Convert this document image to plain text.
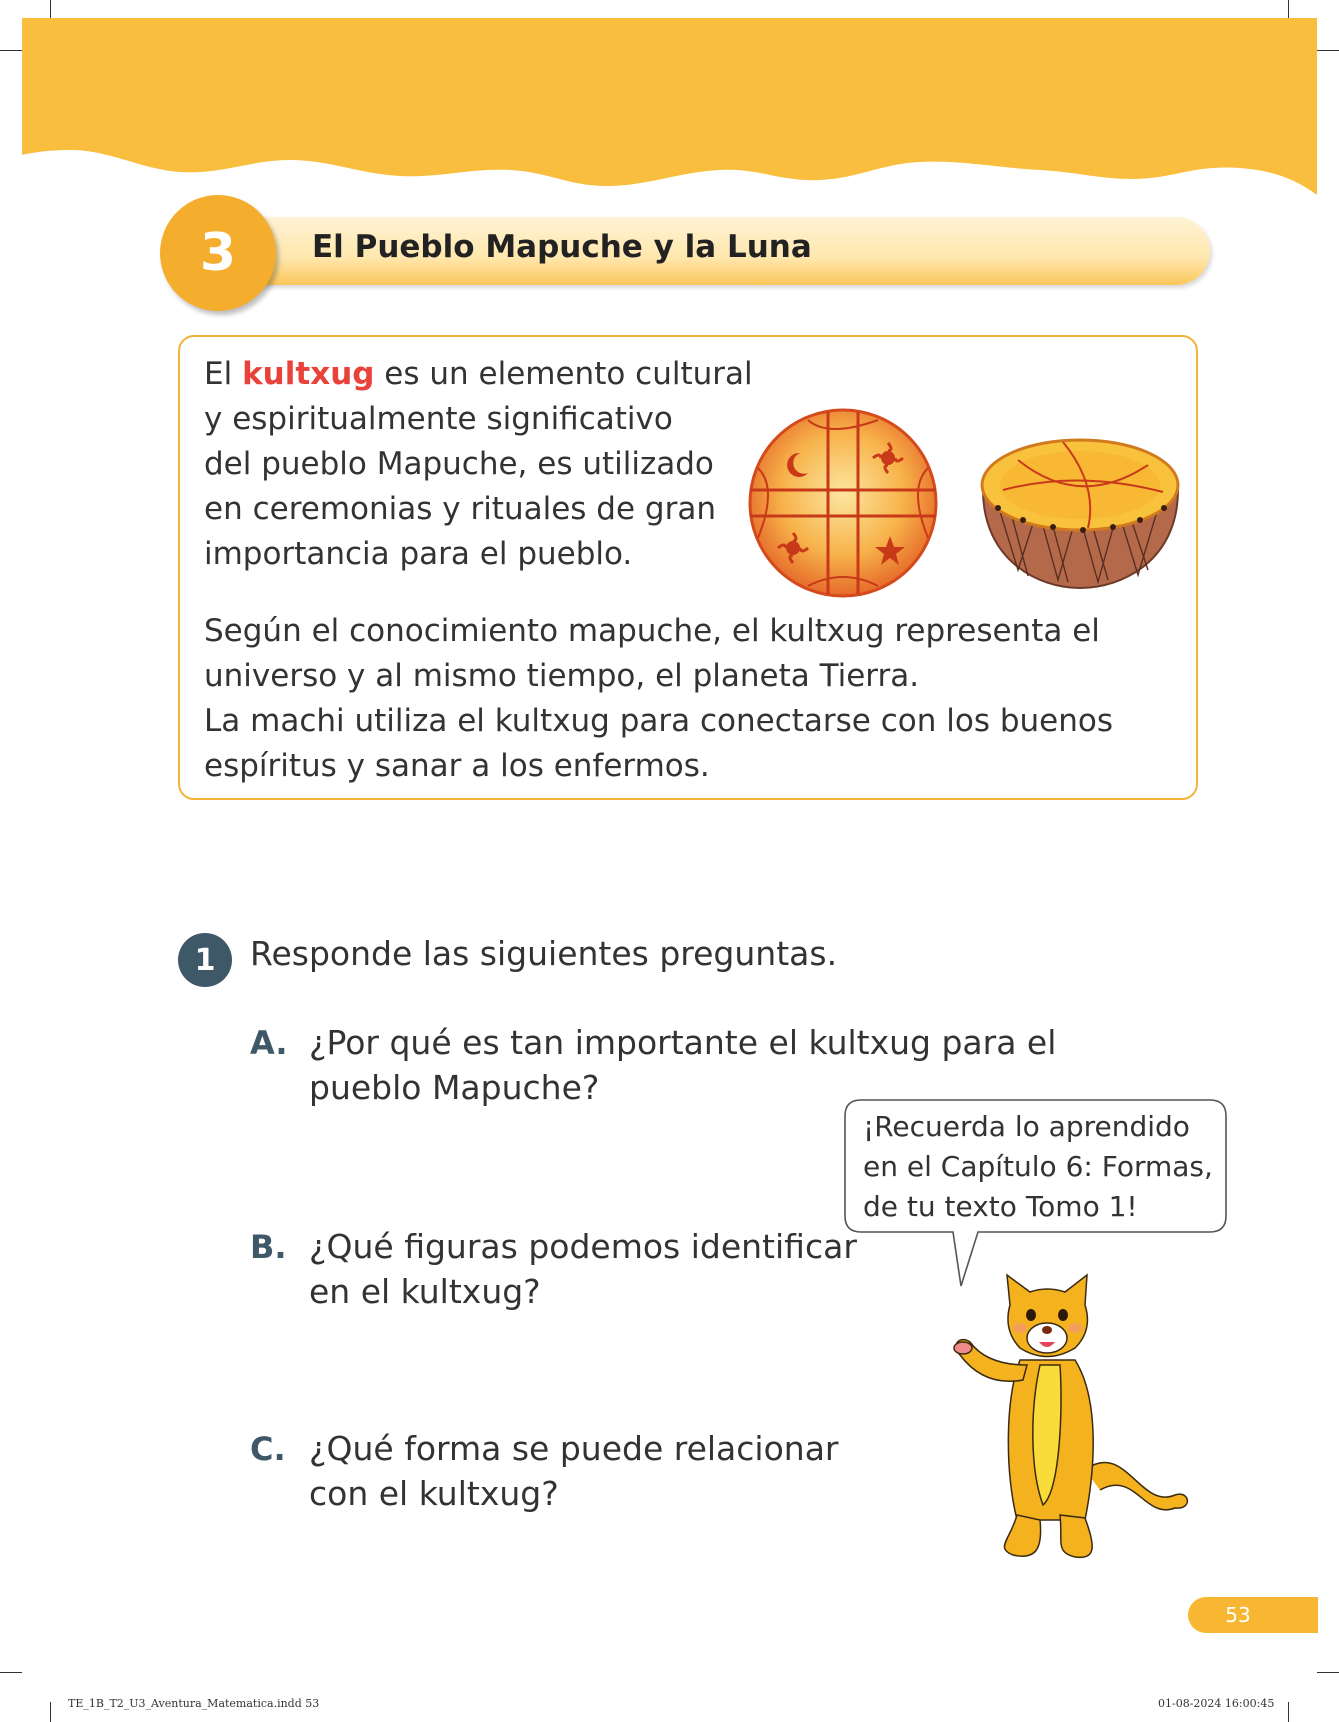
3 El Pueblo Mapuche y la Luna
El kultxug es un elemento cultural
y espiritualmente significativo
del pueblo Mapuche, es utilizado
en ceremonias y rituales de gran
importancia para el pueblo.
Según el conocimiento mapuche, el kultxug representa el
universo y al mismo tiempo, el planeta Tierra.
La machi utiliza el kultxug para conectarse con los buenos
espíritus y sanar a los enfermos.
1 Responde las siguientes preguntas.
A. ¿Por qué es tan importante el kultxug para el
pueblo Mapuche?
B. ¿Qué figuras podemos identificar
en el kultxug?
C. ¿Qué forma se puede relacionar
con el kultxug?
¡Recuerda lo aprendido
en el Capítulo 6: Formas,
de tu texto Tomo 1!
53
TE_1B_T2_U3_Aventura_Matematica.indd 53	01-08-2024 16:00:45
